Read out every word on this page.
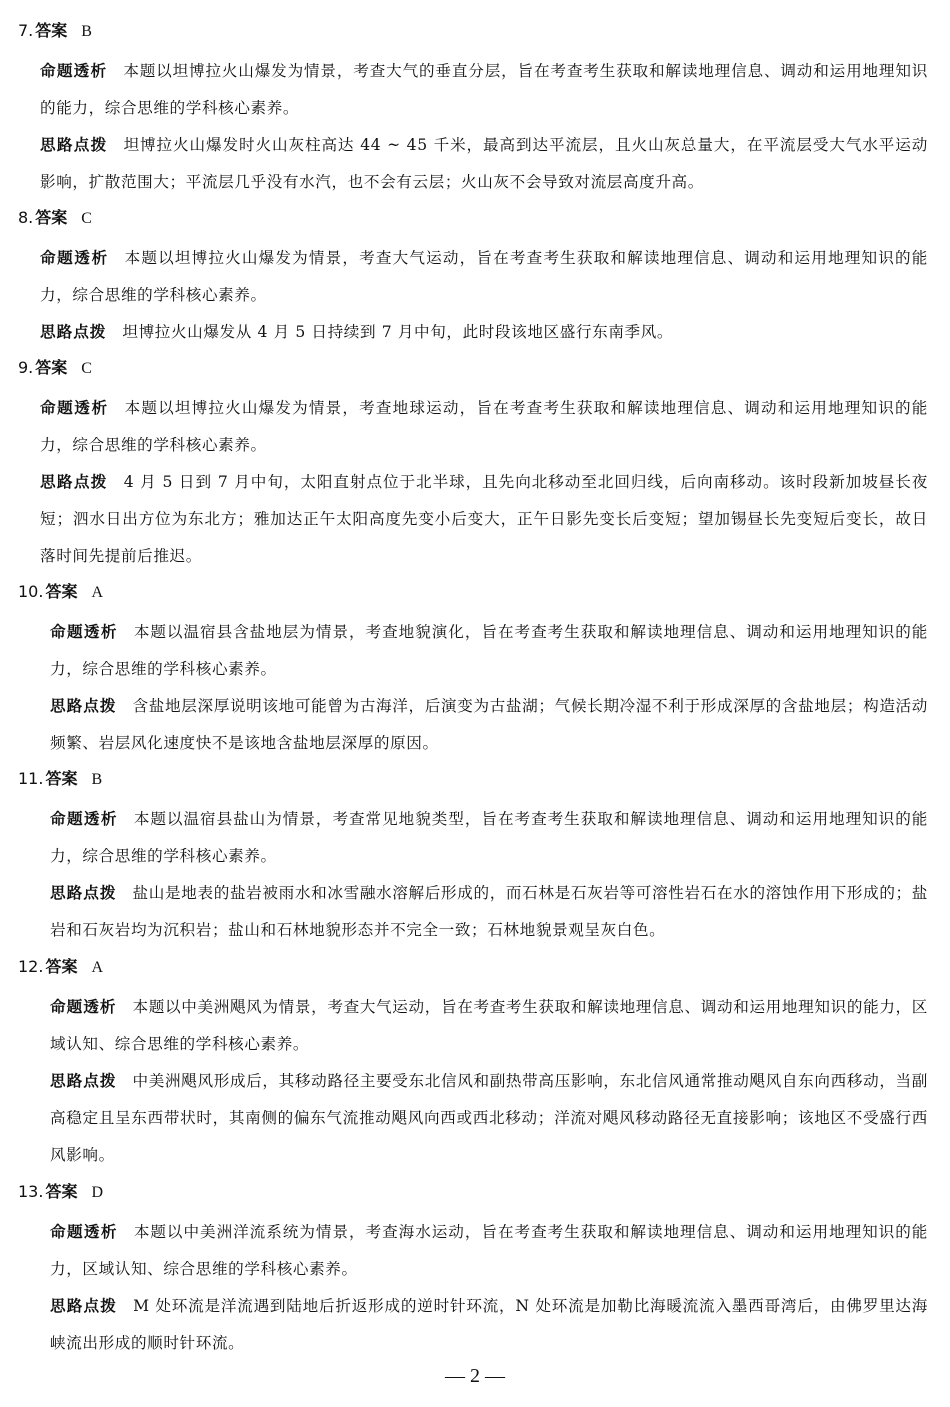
7. 答案 B
命题透析 本题以坦博拉火山爆发为情景，考查大气的垂直分层，旨在考查考生获取和解读地理信息、调动和运用地理知识的能力，综合思维的学科核心素养。
思路点拨 坦博拉火山爆发时火山灰柱高达 44 ~ 45 千米，最高到达平流层，且火山灰总量大，在平流层受大气水平运动影响，扩散范围大；平流层几乎没有水汽，也不会有云层；火山灰不会导致对流层高度升高。
8. 答案 C
命题透析 本题以坦博拉火山爆发为情景，考查大气运动，旨在考查考生获取和解读地理信息、调动和运用地理知识的能力，综合思维的学科核心素养。
思路点拨 坦博拉火山爆发从 4 月 5 日持续到 7 月中旬，此时段该地区盛行东南季风。
9. 答案 C
命题透析 本题以坦博拉火山爆发为情景，考查地球运动，旨在考查考生获取和解读地理信息、调动和运用地理知识的能力，综合思维的学科核心素养。
思路点拨 4 月 5 日到 7 月中旬，太阳直射点位于北半球，且先向北移动至北回归线，后向南移动。该时段新加坡昼长夜短；泗水日出方位为东北方；雅加达正午太阳高度先变小后变大，正午日影先变长后变短；望加锡昼长先变短后变长，故日落时间先提前后推迟。
10. 答案 A
命题透析 本题以温宿县含盐地层为情景，考查地貌演化，旨在考查考生获取和解读地理信息、调动和运用地理知识的能力，综合思维的学科核心素养。
思路点拨 含盐地层深厚说明该地可能曾为古海洋，后演变为古盐湖；气候长期冷湿不利于形成深厚的含盐地层；构造活动频繁、岩层风化速度快不是该地含盐地层深厚的原因。
11. 答案 B
命题透析 本题以温宿县盐山为情景，考查常见地貌类型，旨在考查考生获取和解读地理信息、调动和运用地理知识的能力，综合思维的学科核心素养。
思路点拨 盐山是地表的盐岩被雨水和冰雪融水溶解后形成的，而石林是石灰岩等可溶性岩石在水的溶蚀作用下形成的；盐岩和石灰岩均为沉积岩；盐山和石林地貌形态并不完全一致；石林地貌景观呈灰白色。
12. 答案 A
命题透析 本题以中美洲飓风为情景，考查大气运动，旨在考查考生获取和解读地理信息、调动和运用地理知识的能力，区域认知、综合思维的学科核心素养。
思路点拨 中美洲飓风形成后，其移动路径主要受东北信风和副热带高压影响，东北信风通常推动飓风自东向西移动，当副高稳定且呈东西带状时，其南侧的偏东气流推动飓风向西或西北移动；洋流对飓风移动路径无直接影响；该地区不受盛行西风影响。
13. 答案 D
命题透析 本题以中美洲洋流系统为情景，考查海水运动，旨在考查考生获取和解读地理信息、调动和运用地理知识的能力，区域认知、综合思维的学科核心素养。
思路点拨 M 处环流是洋流遇到陆地后折返形成的逆时针环流，N 处环流是加勒比海暖流流入墨西哥湾后，由佛罗里达海峡流出形成的顺时针环流。
— 2 —
